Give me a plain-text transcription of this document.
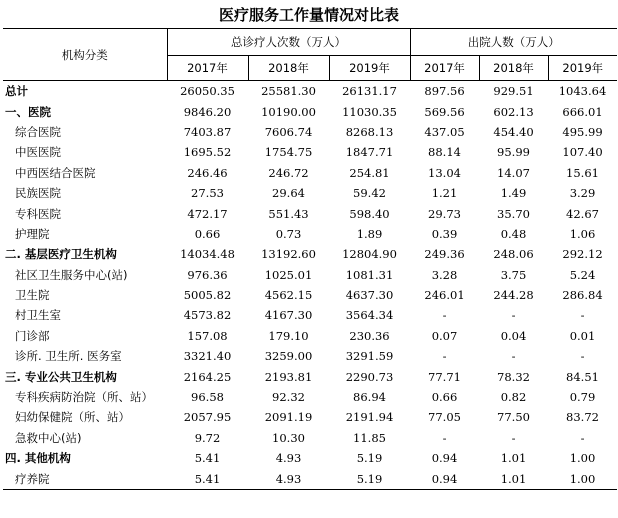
医疗服务工作量情况对比表
机构分类	总诊疗人次数（万人）			出院人数（万人）		
	2017年	2018年	2019年	2017年	2018年	2019年
总计	26050.35	25581.30	26131.17	897.56	929.51	1043.64
一、医院	9846.20	10190.00	11030.35	569.56	602.13	666.01
综合医院	7403.87	7606.74	8268.13	437.05	454.40	495.99
中医医院	1695.52	1754.75	1847.71	88.14	95.99	107.40
中西医结合医院	246.46	246.72	254.81	13.04	14.07	15.61
民族医院	27.53	29.64	59.42	1.21	1.49	3.29
专科医院	472.17	551.43	598.40	29.73	35.70	42.67
护理院	0.66	0.73	1.89	0.39	0.48	1.06
二. 基层医疗卫生机构	14034.48	13192.60	12804.90	249.36	248.06	292.12
社区卫生服务中心(站)	976.36	1025.01	1081.31	3.28	3.75	5.24
卫生院	5005.82	4562.15	4637.30	246.01	244.28	286.84
村卫生室	4573.82	4167.30	3564.34	-	-	-
门诊部	157.08	179.10	230.36	0.07	0.04	0.01
诊所. 卫生所. 医务室	3321.40	3259.00	3291.59	-	-	-
三. 专业公共卫生机构	2164.25	2193.81	2290.73	77.71	78.32	84.51
专科疾病防治院（所、站）	96.58	92.32	86.94	0.66	0.82	0.79
妇幼保健院（所、站）	2057.95	2091.19	2191.94	77.05	77.50	83.72
急救中心(站)	9.72	10.30	11.85	-	-	-
四. 其他机构	5.41	4.93	5.19	0.94	1.01	1.00
疗养院	5.41	4.93	5.19	0.94	1.01	1.00
